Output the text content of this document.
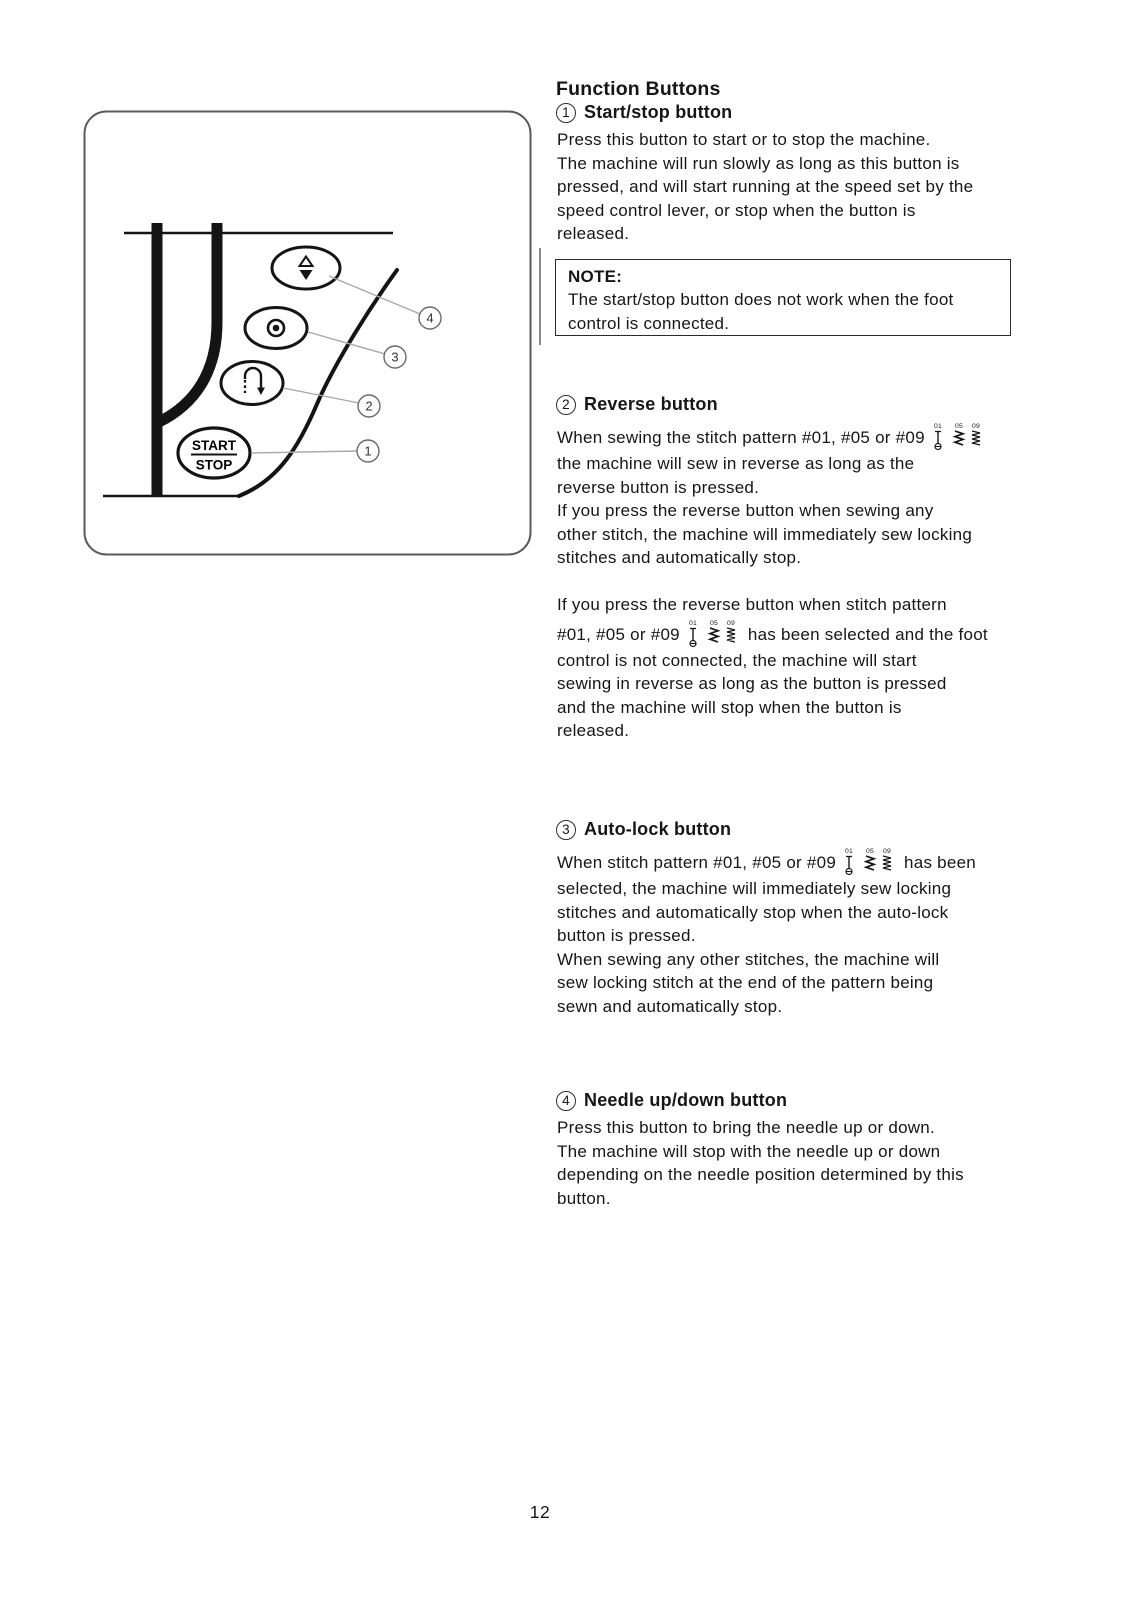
START
STOP
4
3
2
1
Function Buttons
1 Start/stop button
Press this button to start or to stop the machine.
The machine will run slowly as long as this button is
pressed, and will start running at the speed set by the
speed control lever, or stop when the button is
released.
NOTE:
The start/stop button does not work when the foot
control is connected.
2 Reverse button
When sewing the stitch pattern #01, #05 or #09
01 05 09

the machine will sew in reverse as long as the
reverse button is pressed.
If you press the reverse button when sewing any
other stitch, the machine will immediately sew locking
stitches and automatically stop.
If you press the reverse button when stitch pattern
#01, #05 or #09
01 05 09
has been selected and the foot
control is not connected, the machine will start
sewing in reverse as long as the button is pressed
and the machine will stop when the button is
released.
3 Auto-lock button
When stitch pattern #01, #05 or #09
01 05 09
has been
selected, the machine will immediately sew locking
stitches and automatically stop when the auto-lock
button is pressed.
When sewing any other stitches, the machine will
sew locking stitch at the end of the pattern being
sewn and automatically stop.
4 Needle up/down button
Press this button to bring the needle up or down.
The machine will stop with the needle up or down
depending on the needle position determined by this
button.
12
